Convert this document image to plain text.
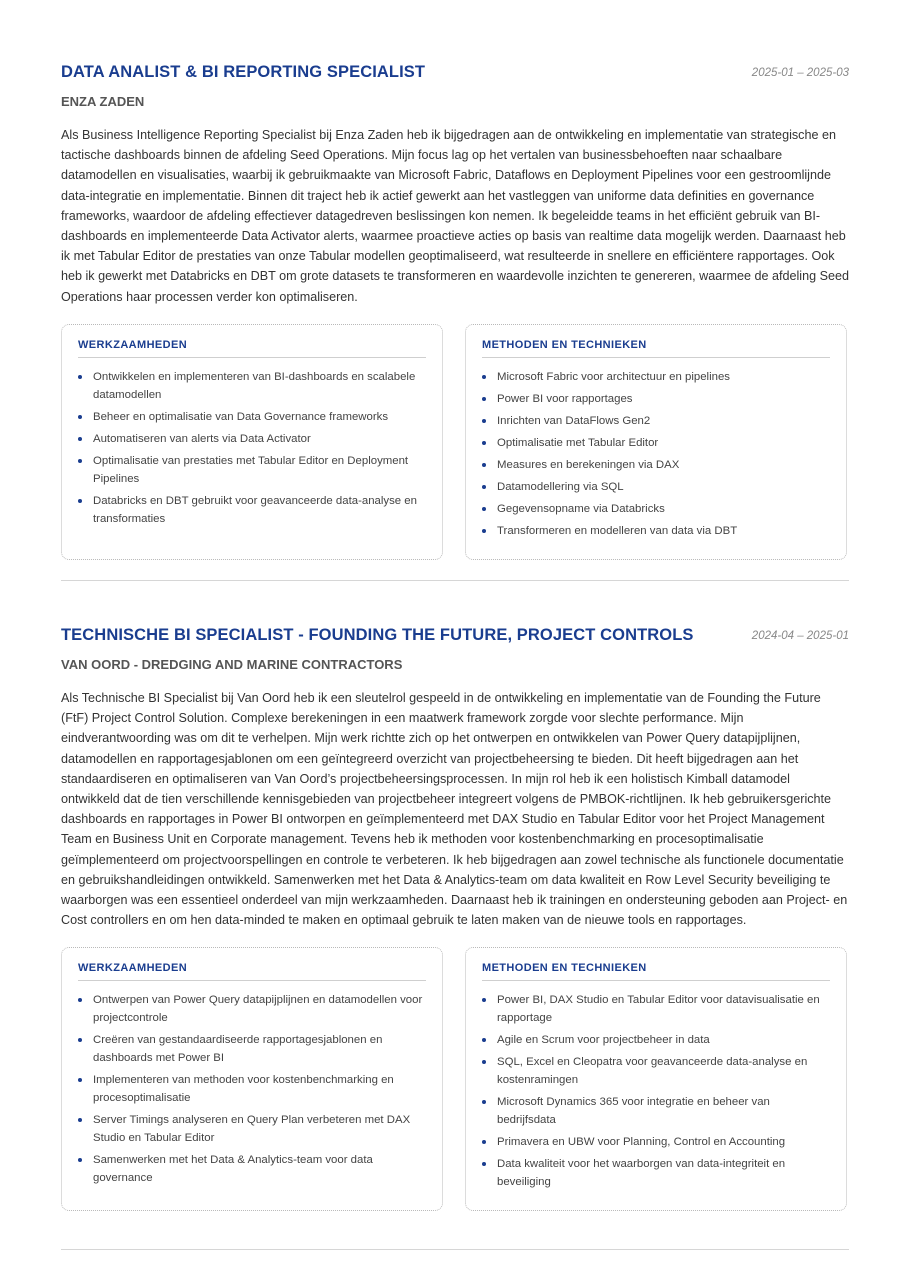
DATA ANALIST & BI REPORTING SPECIALIST	2025-01 – 2025-03
ENZA ZADEN

Als Business Intelligence Reporting Specialist bij Enza Zaden heb ik bijgedragen aan de ontwikkeling en implementatie van strategische en tactische dashboards binnen de afdeling Seed Operations. Mijn focus lag op het vertalen van businessbehoeften naar schaalbare datamodellen en visualisaties, waarbij ik gebruikmaakte van Microsoft Fabric, Dataflows en Deployment Pipelines voor een gestroomlijnde data-integratie en implementatie. Binnen dit traject heb ik actief gewerkt aan het vastleggen van uniforme data definities en governance frameworks, waardoor de afdeling effectiever datagedreven beslissingen kon nemen. Ik begeleidde teams in het efficiënt gebruik van BI-dashboards en implementeerde Data Activator alerts, waarmee proactieve acties op basis van realtime data mogelijk werden. Daarnaast heb ik met Tabular Editor de prestaties van onze Tabular modellen geoptimaliseerd, wat resulteerde in snellere en efficiëntere rapportages. Ook heb ik gewerkt met Databricks en DBT om grote datasets te transformeren en waardevolle inzichten te genereren, waarmee de afdeling Seed Operations haar processen verder kon optimaliseren.

WERKZAAMHEDEN
Ontwikkelen en implementeren van BI-dashboards en scalabele datamodellen
Beheer en optimalisatie van Data Governance frameworks
Automatiseren van alerts via Data Activator
Optimalisatie van prestaties met Tabular Editor en Deployment Pipelines
Databricks en DBT gebruikt voor geavanceerde data-analyse en transformaties
METHODEN EN TECHNIEKEN
Microsoft Fabric voor architectuur en pipelines
Power BI voor rapportages
Inrichten van DataFlows Gen2
Optimalisatie met Tabular Editor
Measures en berekeningen via DAX
Datamodellering via SQL
Gegevensopname via Databricks
Transformeren en modelleren van data via DBT
TECHNISCHE BI SPECIALIST - FOUNDING THE FUTURE, PROJECT CONTROLS	2024-04 – 2025-01
VAN OORD - DREDGING AND MARINE CONTRACTORS

Als Technische BI Specialist bij Van Oord heb ik een sleutelrol gespeeld in de ontwikkeling en implementatie van de Founding the Future (FtF) Project Control Solution. Complexe berekeningen in een maatwerk framework zorgde voor slechte performance. Mijn eindverantwoording was om dit te verhelpen. Mijn werk richtte zich op het ontwerpen en ontwikkelen van Power Query datapijplijnen, datamodellen en rapportagesjablonen om een geïntegreerd overzicht van projectbeheersing te bieden. Dit heeft bijgedragen aan het standaardiseren en optimaliseren van Van Oord’s projectbeheersingsprocessen. In mijn rol heb ik een holistisch Kimball datamodel ontwikkeld dat de tien verschillende kennisgebieden van projectbeheer integreert volgens de PMBOK-richtlijnen. Ik heb gebruikersgerichte dashboards en rapportages in Power BI ontworpen en geïmplementeerd met DAX Studio en Tabular Editor voor het Project Management Team en Business Unit en Corporate management. Tevens heb ik methoden voor kostenbenchmarking en procesoptimalisatie geïmplementeerd om projectvoorspellingen en controle te verbeteren. Ik heb bijgedragen aan zowel technische als functionele documentatie en gebruikshandleidingen ontwikkeld. Samenwerken met het Data & Analytics-team om data kwaliteit en Row Level Security beveiliging te waarborgen was een essentieel onderdeel van mijn werkzaamheden. Daarnaast heb ik trainingen en ondersteuning geboden aan Project- en Cost controllers en om hen data-minded te maken en optimaal gebruik te laten maken van de nieuwe tools en rapportages.

WERKZAAMHEDEN
Ontwerpen van Power Query datapijplijnen en datamodellen voor projectcontrole
Creëren van gestandaardiseerde rapportagesjablonen en dashboards met Power BI
Implementeren van methoden voor kostenbenchmarking en procesoptimalisatie
Server Timings analyseren en Query Plan verbeteren met DAX Studio en Tabular Editor
Samenwerken met het Data & Analytics-team voor data governance
METHODEN EN TECHNIEKEN
Power BI, DAX Studio en Tabular Editor voor datavisualisatie en rapportage
Agile en Scrum voor projectbeheer in data
SQL, Excel en Cleopatra voor geavanceerde data-analyse en kostenramingen
Microsoft Dynamics 365 voor integratie en beheer van bedrijfsdata
Primavera en UBW voor Planning, Control en Accounting
Data kwaliteit voor het waarborgen van data-integriteit en beveiliging
